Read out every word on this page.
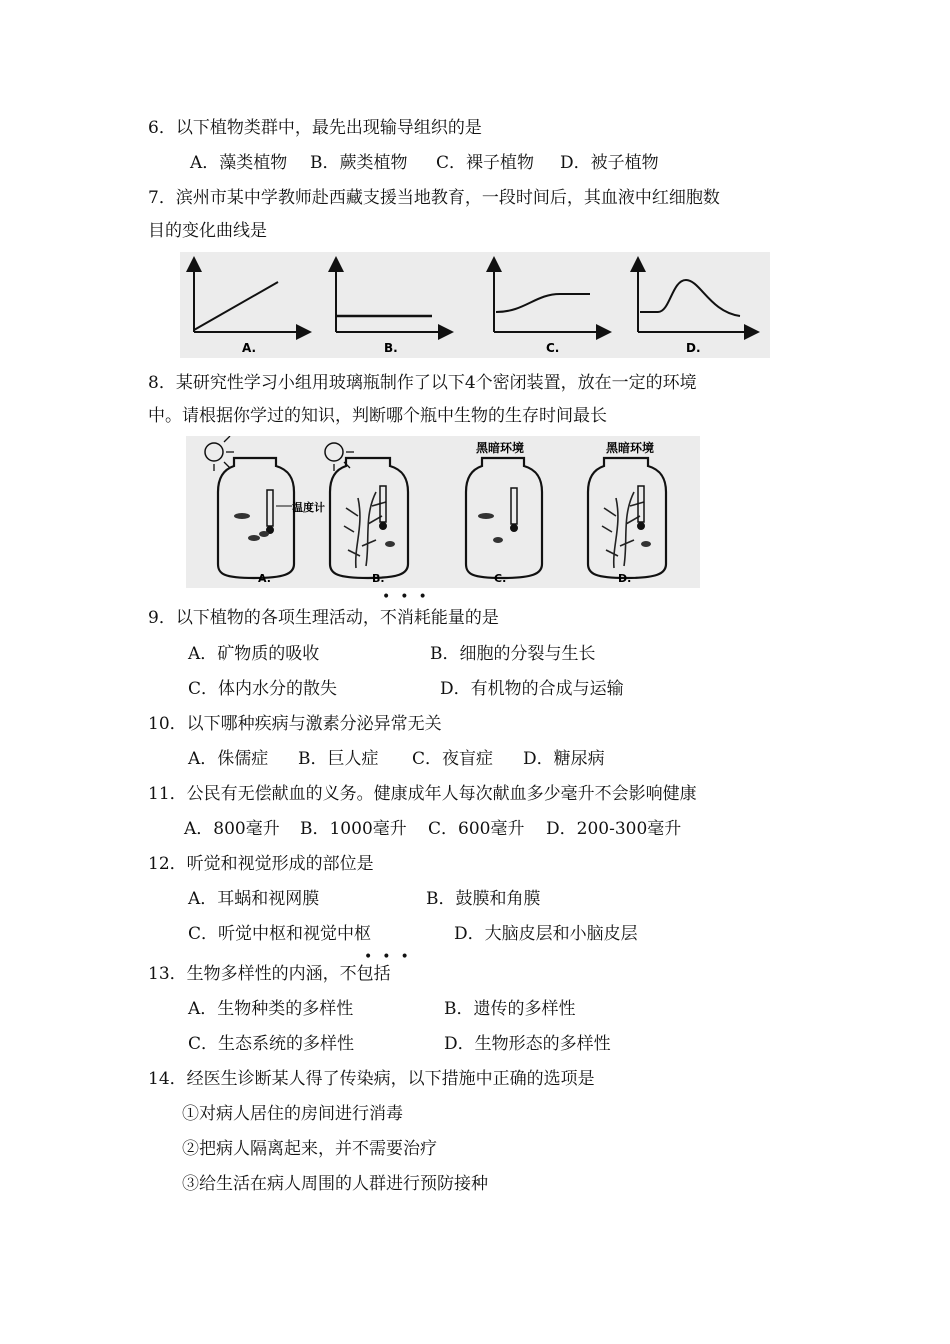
6．以下植物类群中，最先出现输导组织的是
A．藻类植物 B．蕨类植物 C．裸子植物 D．被子植物
7．滨州市某中学教师赴西藏支援当地教育，一段时间后，其血液中红细胞数
目的变化曲线是
A.	B.	C.	D.
8．某研究性学习小组用玻璃瓶制作了以下4个密闭装置，放在一定的环境
中。请根据你学过的知识，判断哪个瓶中生物的生存时间最长
温度计
A.	B.
黑暗环境
C.
黑暗环境
D.
•••
9．以下植物的各项生理活动，不消耗能量的是
A．矿物质的吸收	B．细胞的分裂与生长
C．体内水分的散失	D．有机物的合成与运输
10．以下哪种疾病与激素分泌异常无关
A．侏儒症 B．巨人症 C．夜盲症 D．糖尿病
11．公民有无偿献血的义务。健康成年人每次献血多少毫升不会影响健康
A．800毫升 B．1000毫升 C．600毫升 D．200-300毫升
12．听觉和视觉形成的部位是
A．耳蜗和视网膜	B．鼓膜和角膜
C．听觉中枢和视觉中枢	D．大脑皮层和小脑皮层
•••
13．生物多样性的内涵，不包括
A．生物种类的多样性	B．遗传的多样性
C．生态系统的多样性	D．生物形态的多样性
14．经医生诊断某人得了传染病，以下措施中正确的选项是
①对病人居住的房间进行消毒
②把病人隔离起来，并不需要治疗
③给生活在病人周围的人群进行预防接种
